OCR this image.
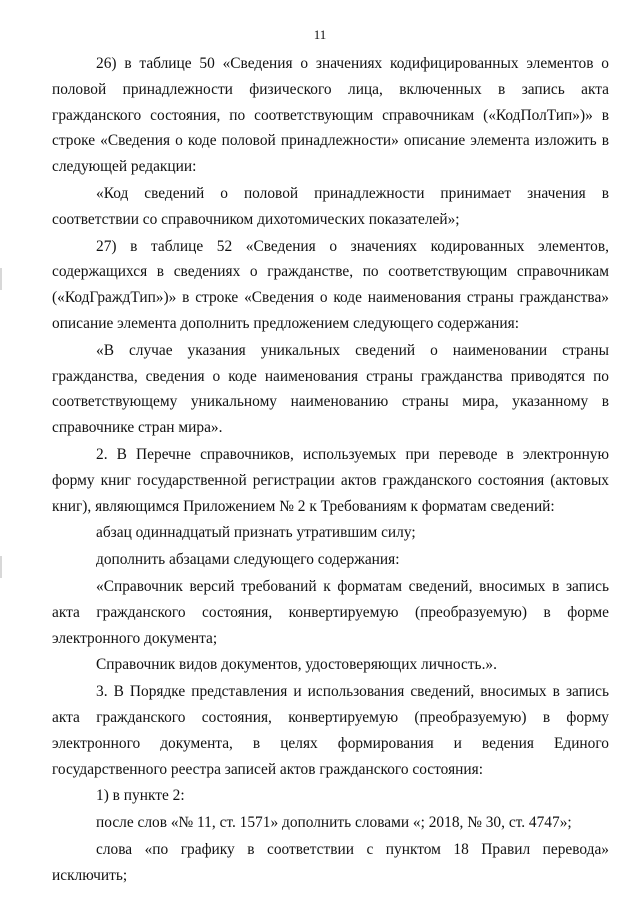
11

26) в таблице 50 «Сведения о значениях кодифицированных элементов о половой принадлежности физического лица, включенных в запись акта гражданского состояния, по соответствующим справочникам («КодПолТип»)» в строке «Сведения о коде половой принадлежности» описание элемента изложить в следующей редакции:

«Код сведений о половой принадлежности принимает значения в соответствии со справочником дихотомических показателей»;

27) в таблице 52 «Сведения о значениях кодированных элементов, содержащихся в сведениях о гражданстве, по соответствующим справочникам («КодГраждТип»)» в строке «Сведения о коде наименования страны гражданства» описание элемента дополнить предложением следующего содержания:

«В случае указания уникальных сведений о наименовании страны гражданства, сведения о коде наименования страны гражданства приводятся по соответствующему уникальному наименованию страны мира, указанному в справочнике стран мира».

2. В Перечне справочников, используемых при переводе в электронную форму книг государственной регистрации актов гражданского состояния (актовых книг), являющимся Приложением № 2 к Требованиям к форматам сведений:

абзац одиннадцатый признать утратившим силу;

дополнить абзацами следующего содержания:

«Справочник версий требований к форматам сведений, вносимых в запись акта гражданского состояния, конвертируемую (преобразуемую) в форме электронного документа;

Справочник видов документов, удостоверяющих личность.».

3. В Порядке представления и использования сведений, вносимых в запись акта гражданского состояния, конвертируемую (преобразуемую) в форму электронного документа, в целях формирования и ведения Единого государственного реестра записей актов гражданского состояния:

1) в пункте 2:

после слов «№ 11, ст. 1571» дополнить словами «; 2018, № 30, ст. 4747»;

слова «по графику в соответствии с пунктом 18 Правил перевода» исключить;
